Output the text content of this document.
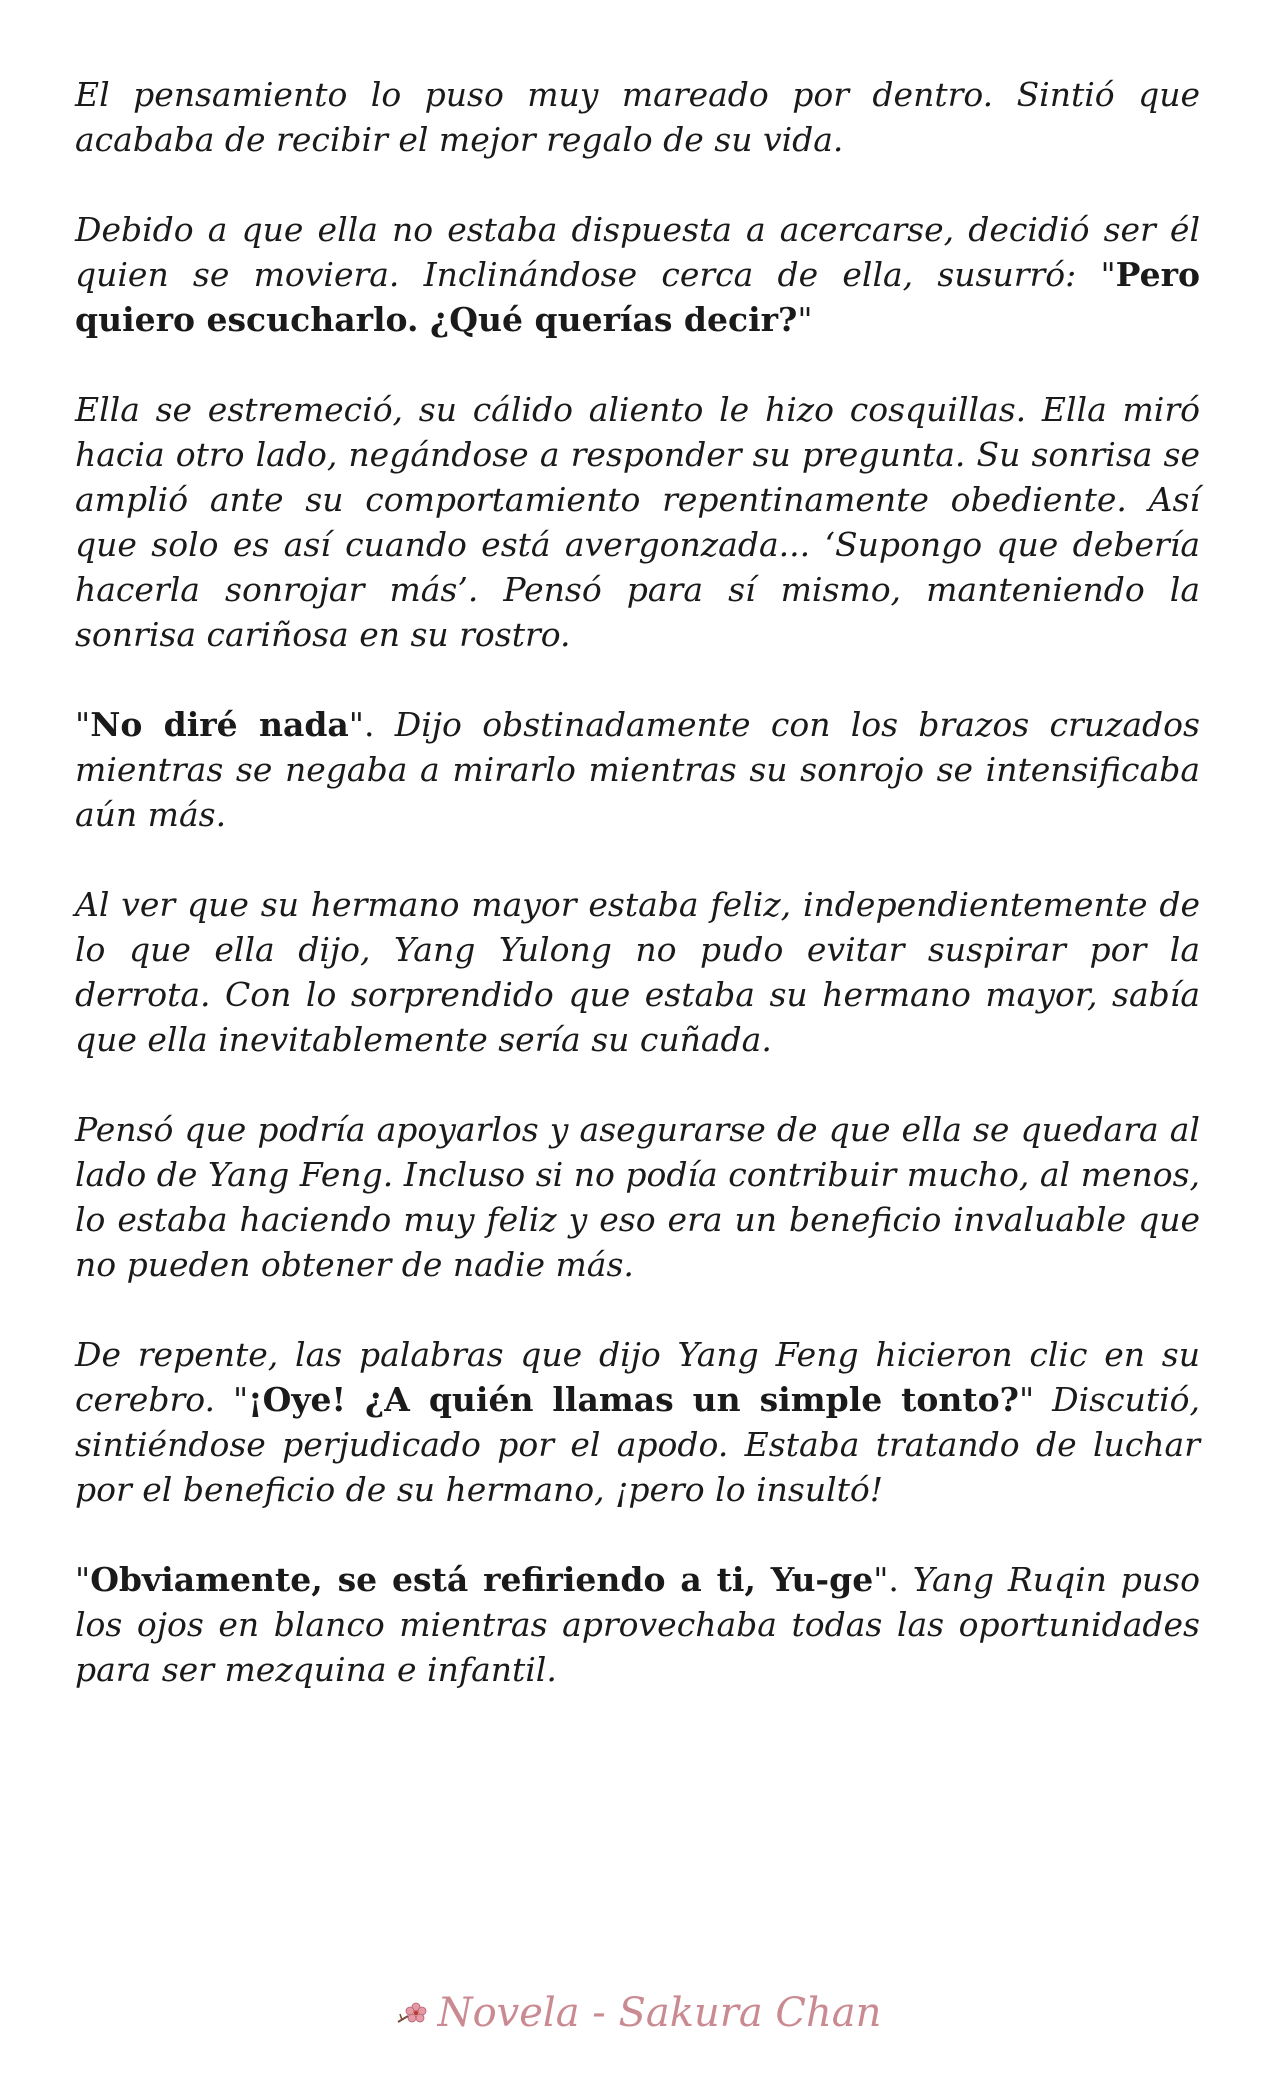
El pensamiento lo puso muy mareado por dentro. Sintió que acababa de recibir el mejor regalo de su vida.

Debido a que ella no estaba dispuesta a acercarse, decidió ser él quien se moviera. Inclinándose cerca de ella, susurró: "Pero quiero escucharlo. ¿Qué querías decir?"

Ella se estremeció, su cálido aliento le hizo cosquillas. Ella miró hacia otro lado, negándose a responder su pregunta. Su sonrisa se amplió ante su comportamiento repentinamente obediente. Así que solo es así cuando está avergonzada... ‘Supongo que debería hacerla sonrojar más’. Pensó para sí mismo, manteniendo la sonrisa cariñosa en su rostro.

"No diré nada". Dijo obstinadamente con los brazos cruzados mientras se negaba a mirarlo mientras su sonrojo se intensificaba aún más.

Al ver que su hermano mayor estaba feliz, independientemente de lo que ella dijo, Yang Yulong no pudo evitar suspirar por la derrota. Con lo sorprendido que estaba su hermano mayor, sabía que ella inevitablemente sería su cuñada.

Pensó que podría apoyarlos y asegurarse de que ella se quedara al lado de Yang Feng. Incluso si no podía contribuir mucho, al menos, lo estaba haciendo muy feliz y eso era un beneficio invaluable que no pueden obtener de nadie más.

De repente, las palabras que dijo Yang Feng hicieron clic en su cerebro. "¡Oye! ¿A quién llamas un simple tonto?" Discutió, sintiéndose perjudicado por el apodo. Estaba tratando de luchar por el beneficio de su hermano, ¡pero lo insultó!

"Obviamente, se está refiriendo a ti, Yu-ge". Yang Ruqin puso los ojos en blanco mientras aprovechaba todas las oportunidades para ser mezquina e infantil.

Novela - Sakura Chan
